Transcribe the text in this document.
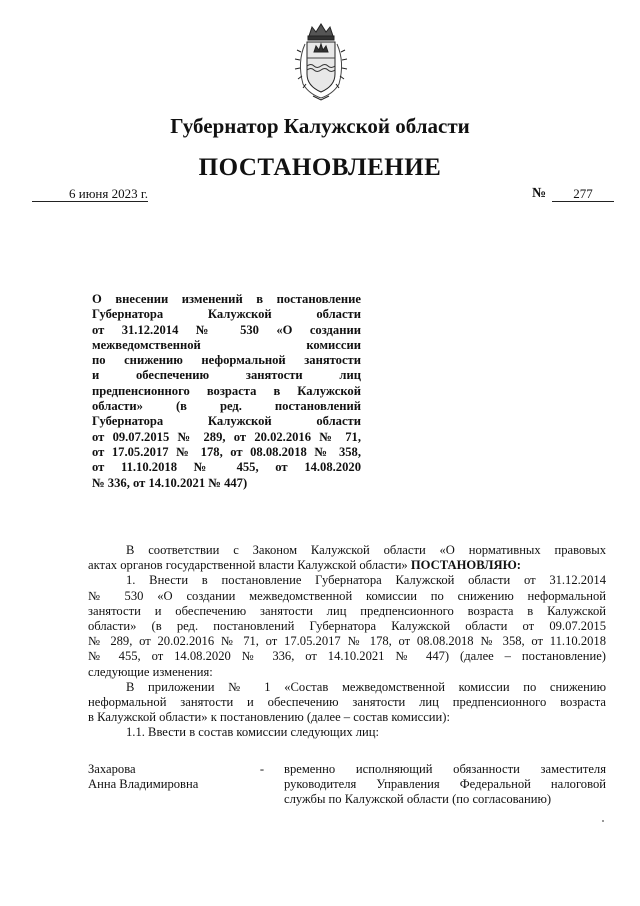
Губернатор Калужской области
ПОСТАНОВЛЕНИЕ
6 июня 2023 г.	№	277
О внесении изменений в постановление
Губернатора Калужской области
от 31.12.2014 № 530 «О создании
межведомственной комиссии
по снижению неформальной занятости
и обеспечению занятости лиц
предпенсионного возраста в Калужской
области» (в ред. постановлений
Губернатора Калужской области
от 09.07.2015 № 289, от 20.02.2016 № 71,
от 17.05.2017 № 178, от 08.08.2018 № 358,
от 11.10.2018 № 455, от 14.08.2020
№ 336, от 14.10.2021 № 447)
В соответствии с Законом Калужской области «О нормативных правовых
актах органов государственной власти Калужской области» ПОСТАНОВЛЯЮ:
1. Внести в постановление Губернатора Калужской области от 31.12.2014
№ 530 «О создании межведомственной комиссии по снижению неформальной
занятости и обеспечению занятости лиц предпенсионного возраста в Калужской
области» (в ред. постановлений Губернатора Калужской области от 09.07.2015
№ 289, от 20.02.2016 № 71, от 17.05.2017 № 178, от 08.08.2018 № 358, от 11.10.2018
№ 455, от 14.08.2020 № 336, от 14.10.2021 № 447) (далее – постановление)
следующие изменения:
В приложении № 1 «Состав межведомственной комиссии по снижению
неформальной занятости и обеспечению занятости лиц предпенсионного возраста
в Калужской области» к постановлению (далее – состав комиссии):
1.1. Ввести в состав комиссии следующих лиц:
Захарова
Анна Владимировна
-	временно исполняющий обязанности заместителя
руководителя Управления Федеральной налоговой
службы по Калужской области (по согласованию)
